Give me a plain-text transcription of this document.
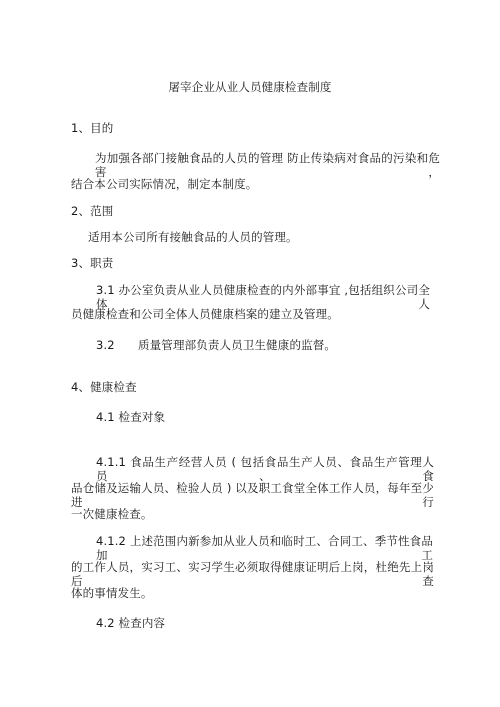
屠宰企业从业人员健康检查制度
1、目的
为加强各部门接触食品的人员的管理 防止传染病对食品的污染和危害，
结合本公司实际情况，制定本制度。
2、范围
适用本公司所有接触食品的人员的管理。
3、职责
3.1 办公室负责从业人员健康检查的内外部事宜 ,包括组织公司全体人
员健康检查和公司全体人员健康档案的建立及管理。
3.2 质量管理部负责人员卫生健康的监督。
4、健康检查
4.1 检查对象
4.1.1 食品生产经营人员 ( 包括食品生产人员、食品生产管理人员、食
品仓储及运输人员、检验人员 ) 以及职工食堂全体工作人员，每年至少进行
一次健康检查。
4.1.2 上述范围内新参加从业人员和临时工、合同工、季节性食品加工
的工作人员，实习工、实习学生必须取得健康证明后上岗，杜绝先上岗后查
体的事情发生。
4.2 检查内容
